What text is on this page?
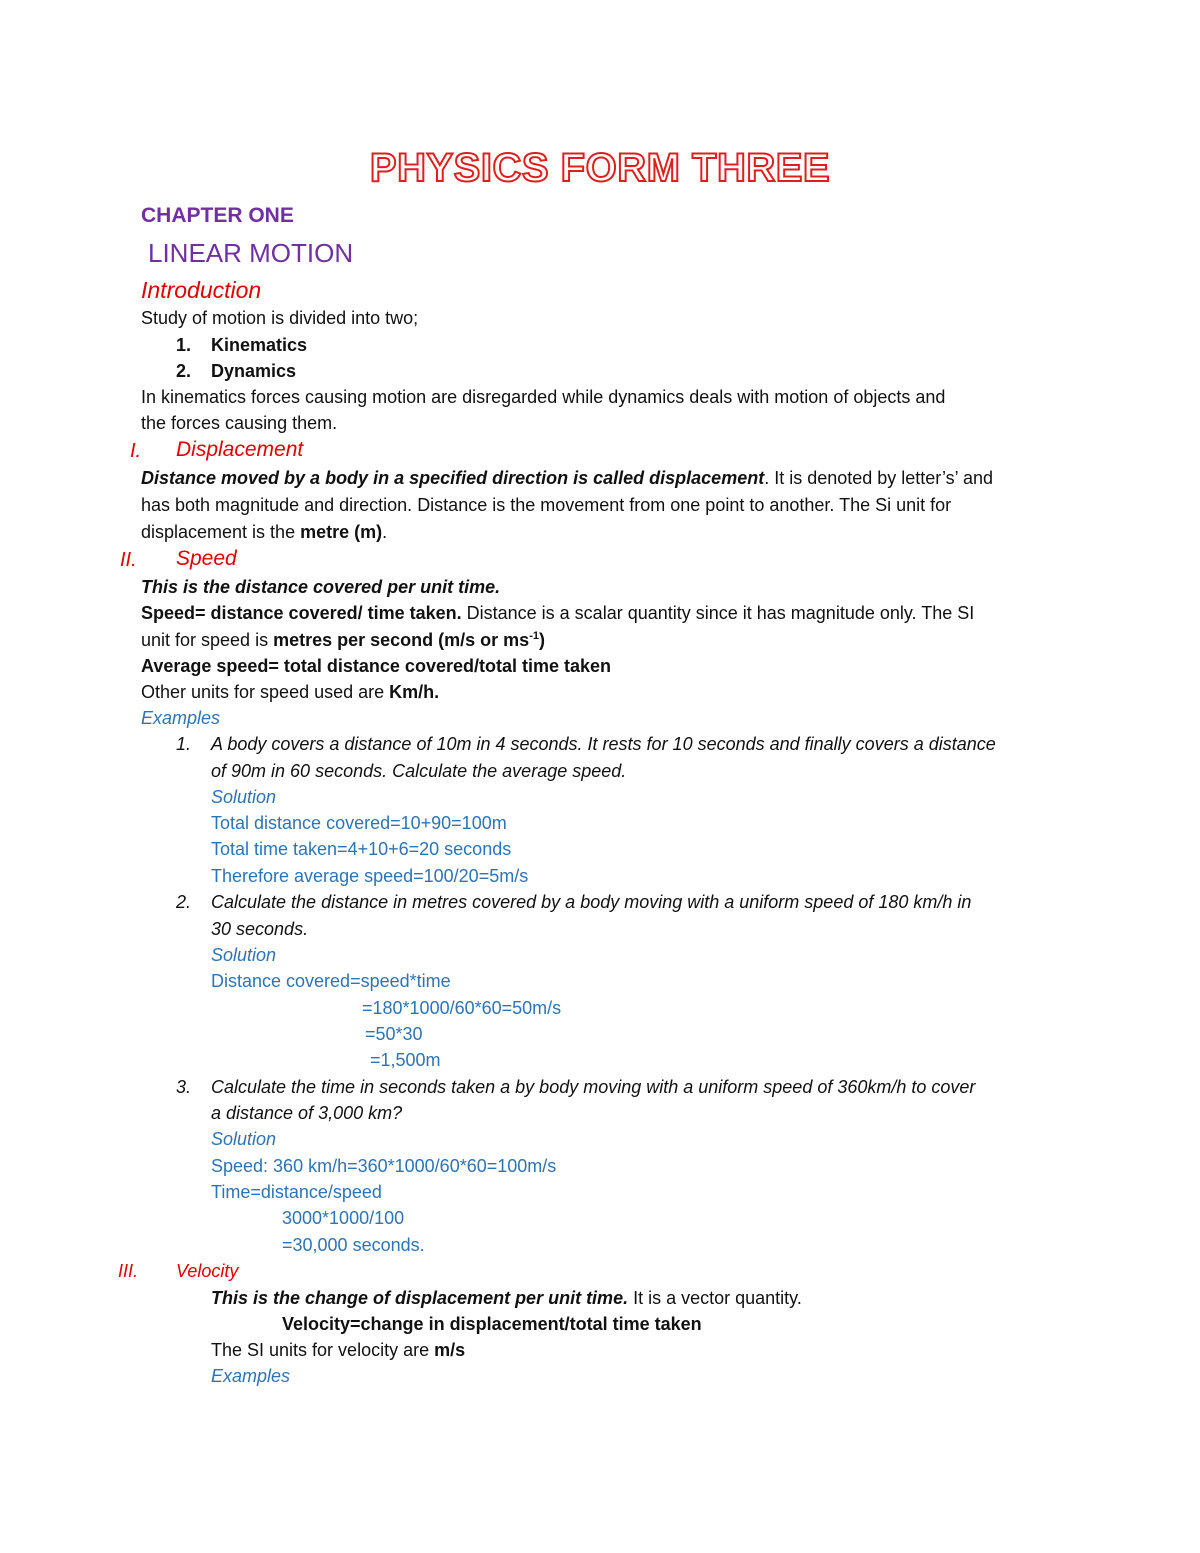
PHYSICS FORM THREE
CHAPTER ONE
LINEAR MOTION
Introduction
Study of motion is divided into two;
1. Kinematics
2. Dynamics
In kinematics forces causing motion are disregarded while dynamics deals with motion of objects and
the forces causing them.
I. Displacement
Distance moved by a body in a specified direction is called displacement. It is denoted by letter’s’ and
has both magnitude and direction. Distance is the movement from one point to another. The Si unit for
displacement is the metre (m).
II. Speed
This is the distance covered per unit time.
Speed= distance covered/ time taken. Distance is a scalar quantity since it has magnitude only. The SI
unit for speed is metres per second (m/s or $ms^{-1}$)
Average speed= total distance covered/total time taken
Other units for speed used are Km/h.
Examples
1. A body covers a distance of 10m in 4 seconds. It rests for 10 seconds and finally covers a distance
of 90m in 60 seconds. Calculate the average speed.
Solution
Total distance covered=10+90=100m
Total time taken=4+10+6=20 seconds
Therefore average speed=100/20=5m/s
2. Calculate the distance in metres covered by a body moving with a uniform speed of 180 km/h in
30 seconds.
Solution
Distance covered=speed*time
=180*1000/60*60=50m/s
=50*30
=1,500m
3. Calculate the time in seconds taken a by body moving with a uniform speed of 360km/h to cover
a distance of 3,000 km?
Solution
Speed: 360 km/h=360*1000/60*60=100m/s
Time=distance/speed
3000*1000/100
=30,000 seconds.
III. Velocity
This is the change of displacement per unit time. It is a vector quantity.
Velocity=change in displacement/total time taken
The SI units for velocity are m/s
Examples
